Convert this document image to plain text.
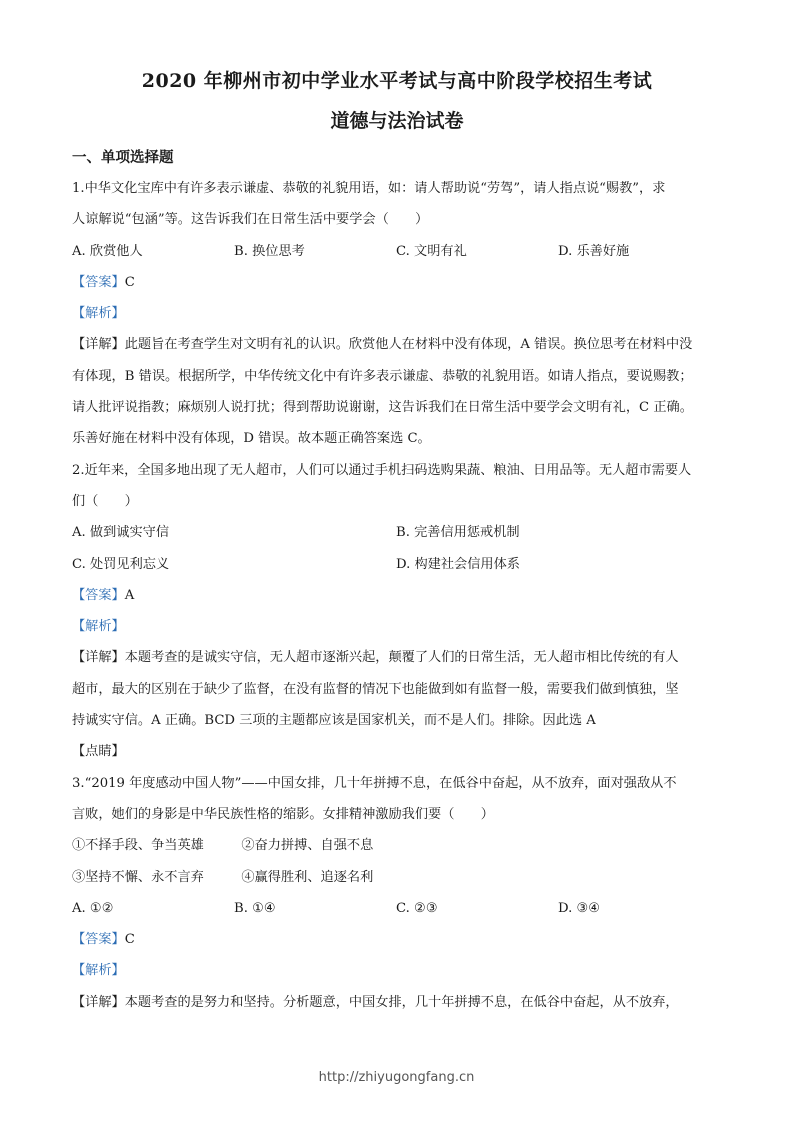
2020 年柳州市初中学业水平考试与高中阶段学校招生考试

道德与法治试卷

一、单项选择题

1.中华文化宝库中有许多表示谦虚、恭敬的礼貌用语，如：请人帮助说“劳驾”，请人指点说“赐教”，求

人谅解说“包涵”等。这告诉我们在日常生活中要学会（　　）

A. 欣赏他人	B. 换位思考	C. 文明有礼	D. 乐善好施

【答案】C

【解析】

【详解】此题旨在考查学生对文明有礼的认识。欣赏他人在材料中没有体现，A 错误。换位思考在材料中没

有体现，B 错误。根据所学，中华传统文化中有许多表示谦虚、恭敬的礼貌用语。如请人指点，要说赐教；

请人批评说指教；麻烦别人说打扰；得到帮助说谢谢，这告诉我们在日常生活中要学会文明有礼，C 正确。

乐善好施在材料中没有体现，D 错误。故本题正确答案选 C。

2.近年来，全国多地出现了无人超市，人们可以通过手机扫码选购果蔬、粮油、日用品等。无人超市需要人

们（　　）

A. 做到诚实守信	B. 完善信用惩戒机制
C. 处罚见利忘义	D. 构建社会信用体系

【答案】A

【解析】

【详解】本题考查的是诚实守信，无人超市逐渐兴起，颠覆了人们的日常生活，无人超市相比传统的有人

超市，最大的区别在于缺少了监督，在没有监督的情况下也能做到如有监督一般，需要我们做到慎独，坚

持诚实守信。A 正确。BCD 三项的主题都应该是国家机关，而不是人们。排除。因此选 A

【点睛】

3.“2019 年度感动中国人物”——中国女排，几十年拼搏不息，在低谷中奋起，从不放弃，面对强敌从不

言败，她们的身影是中华民族性格的缩影。女排精神激励我们要（　　）

①不择手段、争当英雄	②奋力拼搏、自强不息
③坚持不懈、永不言弃	④赢得胜利、追逐名利
A. ①②	B. ①④	C. ②③	D. ③④

【答案】C

【解析】

【详解】本题考查的是努力和坚持。分析题意，中国女排，几十年拼搏不息，在低谷中奋起，从不放弃，

http://zhiyugongfang.cn
